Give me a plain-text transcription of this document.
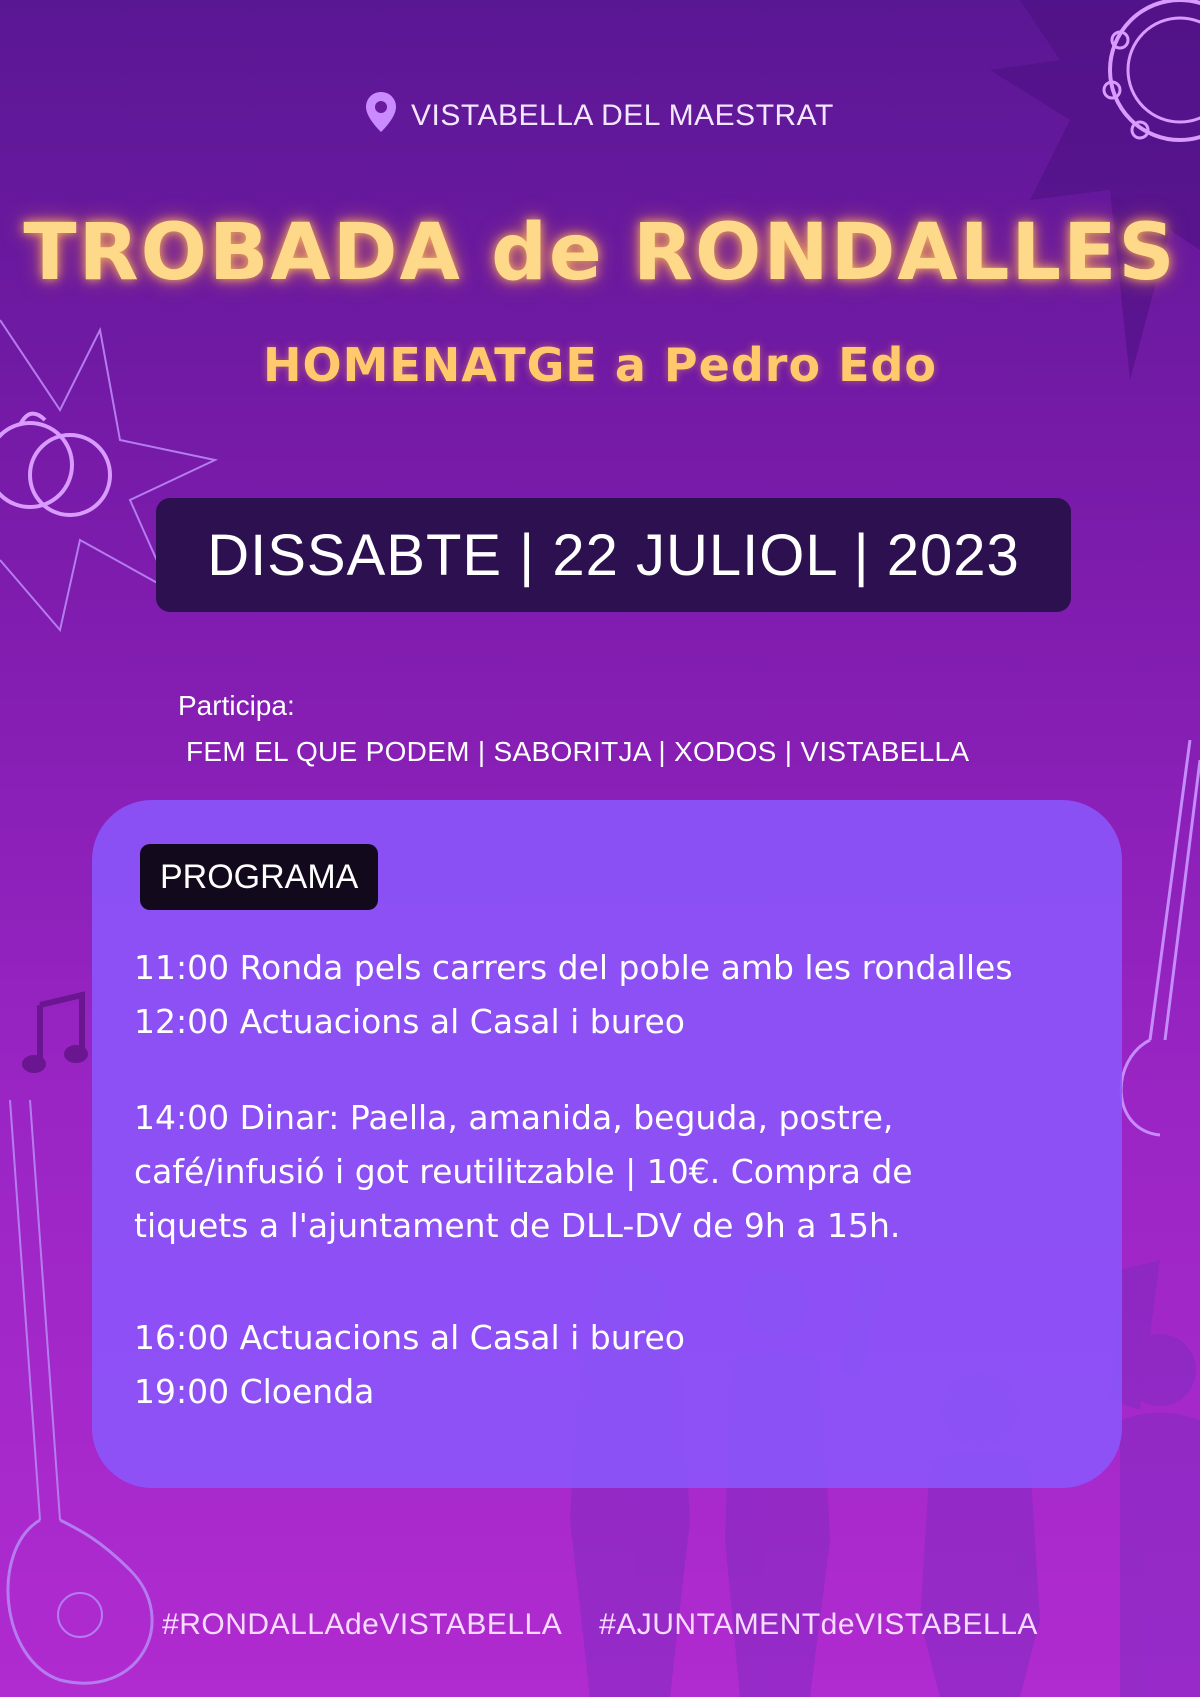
VISTABELLA DEL MAESTRAT
TROBADA de RONDALLES
HOMENATGE a Pedro Edo
DISSABTE | 22 JULIOL | 2023
Participa:
FEM EL QUE PODEM | SABORITJA | XODOS | VISTABELLA
PROGRAMA
11:00 Ronda pels carrers del poble amb les rondalles
12:00 Actuacions al Casal i bureo
14:00 Dinar: Paella, amanida, beguda, postre,
café/infusió i got reutilitzable | 10€. Compra de
tiquets a l'ajuntament de DLL-DV de 9h a 15h.
16:00 Actuacions al Casal i bureo
19:00 Cloenda
#RONDALLAdeVISTABELLA #AJUNTAMENTdeVISTABELLA
